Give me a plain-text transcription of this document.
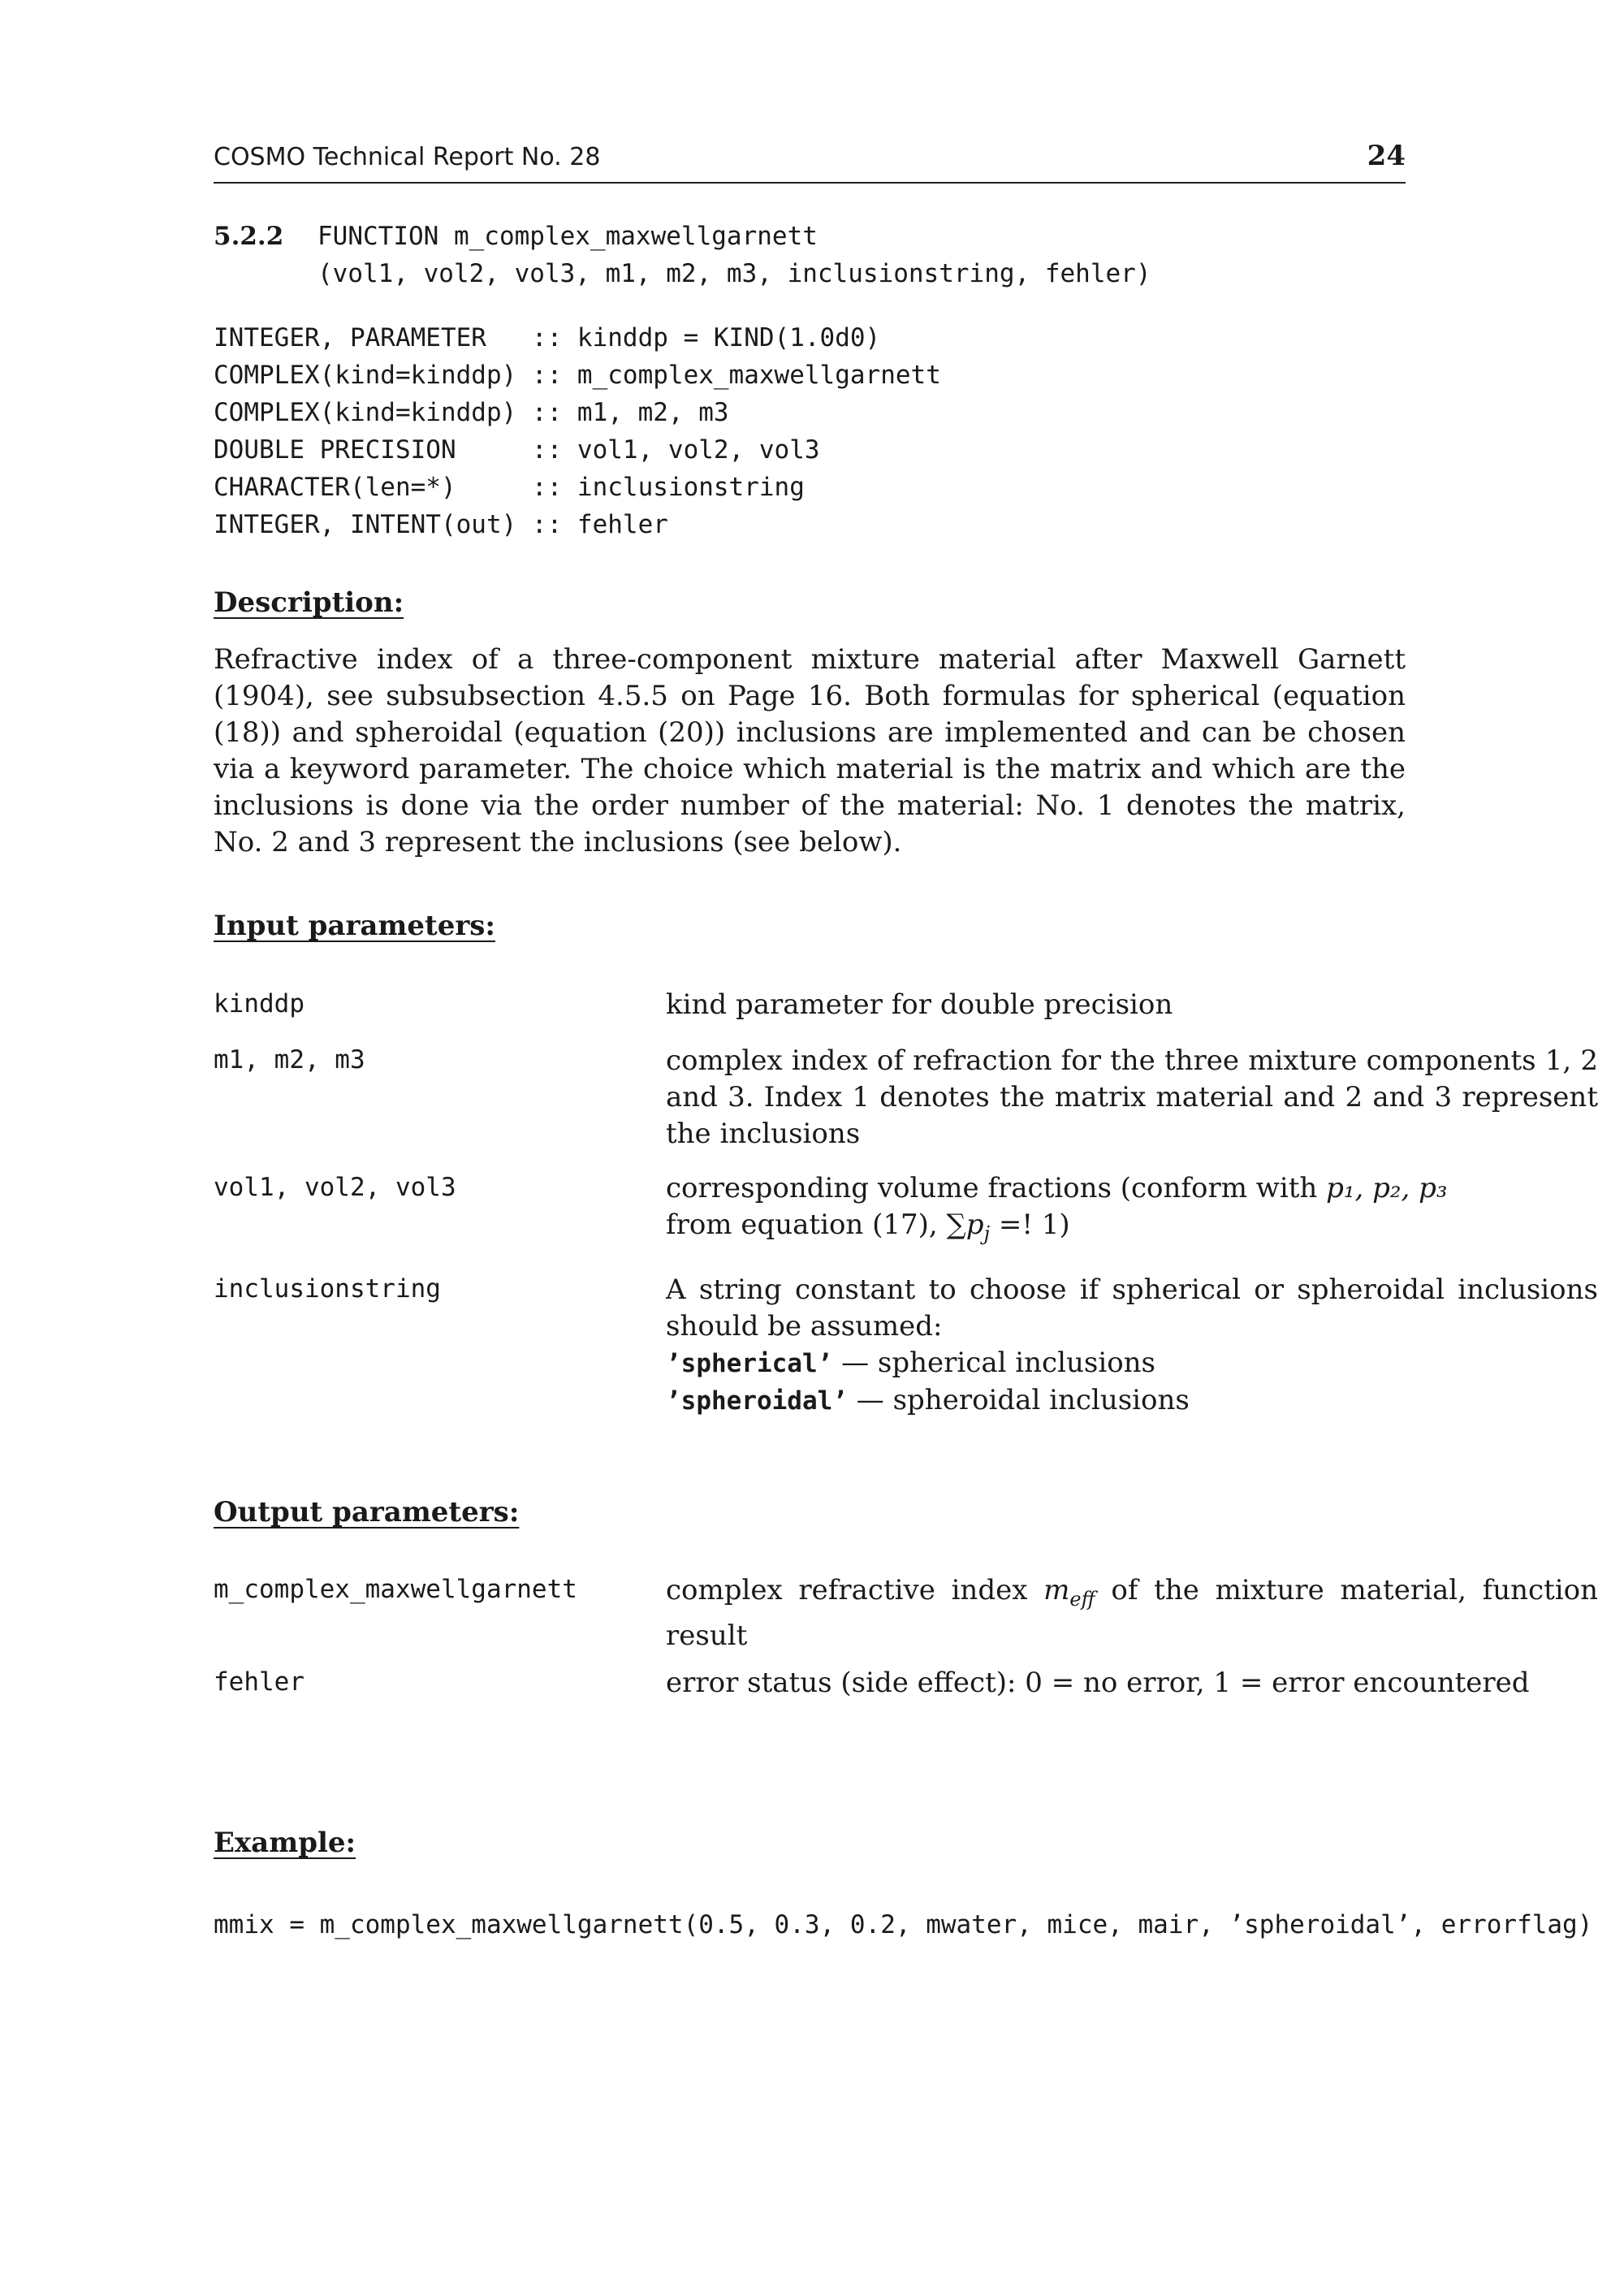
COSMO Technical Report No. 28	24
5.2.2 FUNCTION m_complex_maxwellgarnett
(vol1, vol2, vol3, m1, m2, m3, inclusionstring, fehler)
INTEGER, PARAMETER   :: kinddp = KIND(1.0d0)
COMPLEX(kind=kinddp) :: m_complex_maxwellgarnett
COMPLEX(kind=kinddp) :: m1, m2, m3
DOUBLE PRECISION     :: vol1, vol2, vol3
CHARACTER(len=*)     :: inclusionstring
INTEGER, INTENT(out) :: fehler
Description:
Refractive index of a three-component mixture material after Maxwell Garnett (1904), see subsubsection 4.5.5 on Page 16. Both formulas for spherical (equation (18)) and spheroidal (equation (20)) inclusions are implemented and can be chosen via a keyword parameter. The choice which material is the matrix and which are the inclusions is done via the order number of the material: No. 1 denotes the matrix, No. 2 and 3 represent the inclusions (see below).
Input parameters:
kinddp	kind parameter for double precision
m1, m2, m3	complex index of refraction for the three mixture components 1, 2 and 3. Index 1 denotes the matrix material and 2 and 3 represent the inclusions
vol1, vol2, vol3	corresponding volume fractions (conform with p₁, p₂, p₃
from equation (17), $\sum p_j$ =! 1)
inclusionstring	A string constant to choose if spherical or spheroidal inclusions should be assumed:
’spherical’ — spherical inclusions
’spheroidal’ — spheroidal inclusions
Output parameters:
m_complex_maxwellgarnett	complex refractive index $m_{eff}$ of the mixture material, function result
fehler	error status (side effect): 0 = no error, 1 = error encountered
Example:
mmix = m_complex_maxwellgarnett(0.5, 0.3, 0.2, mwater, mice, mair, ’spheroidal’, errorflag)
